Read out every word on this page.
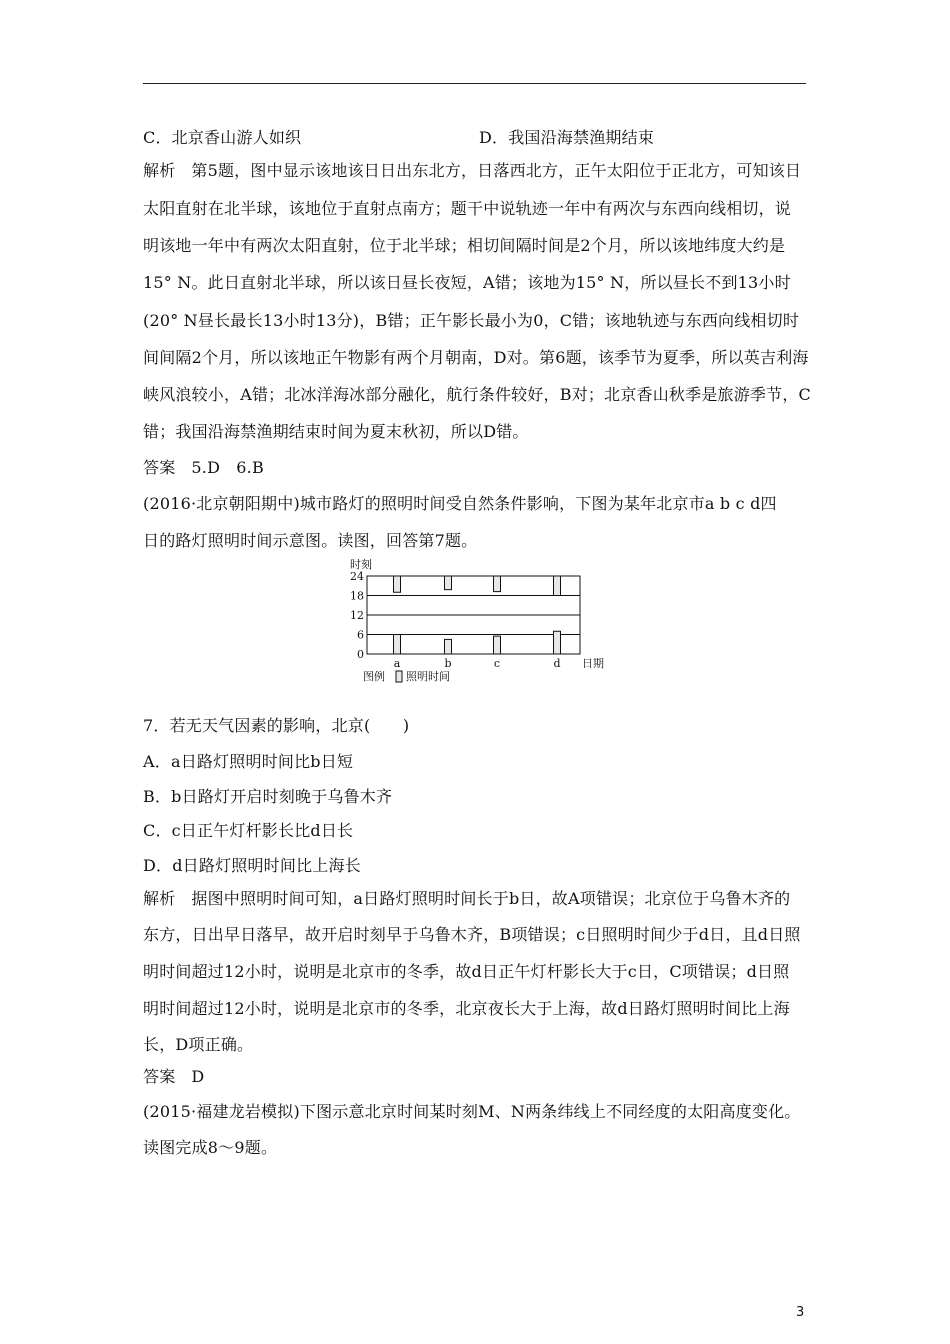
C．北京香山游人如织	D．我国沿海禁渔期结束
解析 第5题，图中显示该地该日日出东北方，日落西北方，正午太阳位于正北方，可知该日
太阳直射在北半球，该地位于直射点南方；题干中说轨迹一年中有两次与东西向线相切，说
明该地一年中有两次太阳直射，位于北半球；相切间隔时间是2个月，所以该地纬度大约是
15° N。此日直射北半球，所以该日昼长夜短，A错；该地为15° N，所以昼长不到13小时
(20° N昼长最长13小时13分)，B错；正午影长最小为0，C错；该地轨迹与东西向线相切时
间间隔2个月，所以该地正午物影有两个月朝南，D对。第6题，该季节为夏季，所以英吉利海
峡风浪较小，A错；北冰洋海冰部分融化，航行条件较好，B对；北京香山秋季是旅游季节，C
错；我国沿海禁渔期结束时间为夏末秋初，所以D错。
答案 5.D　6.B
(2016·北京朝阳期中)城市路灯的照明时间受自然条件影响，下图为某年北京市a b c d四
日的路灯照明时间示意图。读图，回答第7题。
24
18
12
6
0
时刻
日期
a	b	c	d
图例 照明时间
7．若无天气因素的影响，北京(　　)
A．a日路灯照明时间比b日短
B．b日路灯开启时刻晚于乌鲁木齐
C．c日正午灯杆影长比d日长
D．d日路灯照明时间比上海长
解析 据图中照明时间可知，a日路灯照明时间长于b日，故A项错误；北京位于乌鲁木齐的
东方，日出早日落早，故开启时刻早于乌鲁木齐，B项错误；c日照明时间少于d日，且d日照
明时间超过12小时，说明是北京市的冬季，故d日正午灯杆影长大于c日，C项错误；d日照
明时间超过12小时，说明是北京市的冬季，北京夜长大于上海，故d日路灯照明时间比上海
长，D项正确。
答案 D
(2015·福建龙岩模拟)下图示意北京时间某时刻M、N两条纬线上不同经度的太阳高度变化。
读图完成8～9题。
3
